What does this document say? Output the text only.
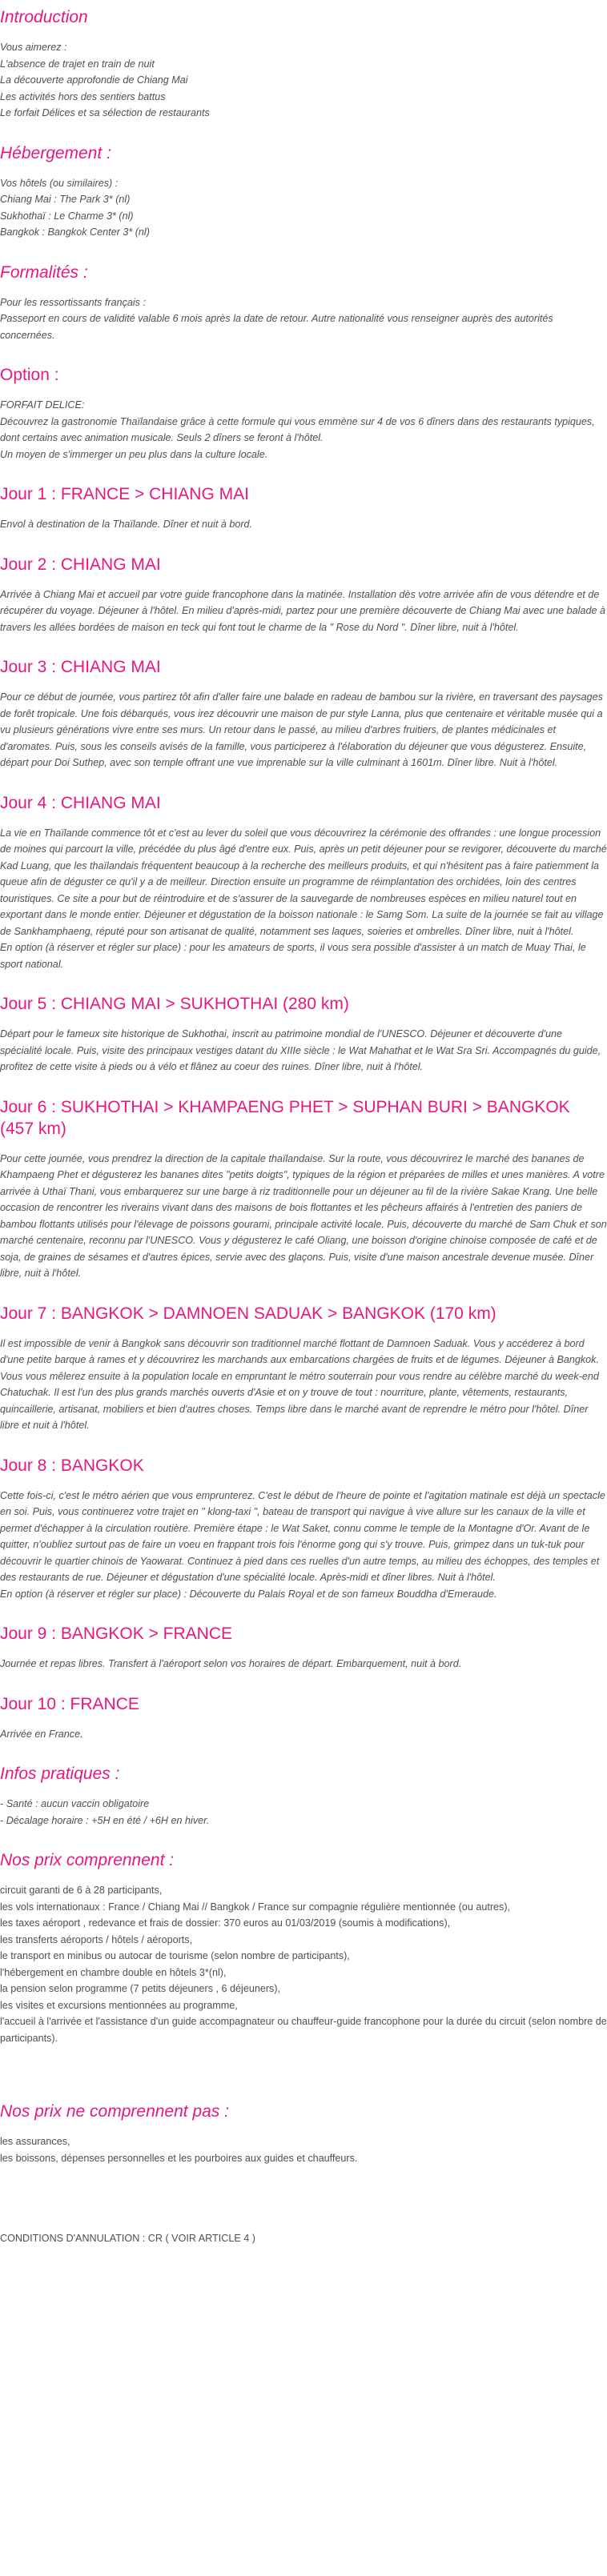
Introduction

Vous aimerez :
L'absence de trajet en train de nuit
La découverte approfondie de Chiang Mai
Les activités hors des sentiers battus
Le forfait Délices et sa sélection de restaurants

Hébergement :

Vos hôtels (ou similaires) :
Chiang Mai : The Park 3* (nl)
Sukhothaï : Le Charme 3* (nl)
Bangkok : Bangkok Center 3* (nl)

Formalités :

Pour les ressortissants français :
Passeport en cours de validité valable 6 mois après la date de retour. Autre nationalité vous renseigner auprès des autorités concernées.

Option :

FORFAIT DELICE:
Découvrez la gastronomie Thaïlandaise grâce à cette formule qui vous emmène sur 4 de vos 6 dîners dans des restaurants typiques, dont certains avec animation musicale. Seuls 2 dîners se feront à l'hôtel.
Un moyen de s'immerger un peu plus dans la culture locale.

Jour 1 : FRANCE > CHIANG MAI

Envol à destination de la Thaïlande. Dîner et nuit à bord.

Jour 2 : CHIANG MAI

Arrivée à Chiang Mai et accueil par votre guide francophone dans la matinée. Installation dès votre arrivée afin de vous détendre et de récupérer du voyage. Déjeuner à l'hôtel. En milieu d'après-midi, partez pour une première découverte de Chiang Mai avec une balade à travers les allées bordées de maison en teck qui font tout le charme de la " Rose du Nord ". Dîner libre, nuit à l'hôtel.

Jour 3 : CHIANG MAI

Pour ce début de journée, vous partirez tôt afin d'aller faire une balade en radeau de bambou sur la rivière, en traversant des paysages de forêt tropicale. Une fois débarqués, vous irez découvrir une maison de pur style Lanna, plus que centenaire et véritable musée qui a vu plusieurs générations vivre entre ses murs. Un retour dans le passé, au milieu d'arbres fruitiers, de plantes médicinales et d'aromates. Puis, sous les conseils avisés de la famille, vous participerez à l'élaboration du déjeuner que vous dégusterez. Ensuite, départ pour Doi Suthep, avec son temple offrant une vue imprenable sur la ville culminant à 1601m. Dîner libre. Nuit à l'hôtel.

Jour 4 : CHIANG MAI

La vie en Thaïlande commence tôt et c'est au lever du soleil que vous découvrirez la cérémonie des offrandes : une longue procession de moines qui parcourt la ville, précédée du plus âgé d'entre eux. Puis, après un petit déjeuner pour se revigorer, découverte du marché Kad Luang, que les thaïlandais fréquentent beaucoup à la recherche des meilleurs produits, et qui n'hésitent pas à faire patiemment la queue afin de déguster ce qu'il y a de meilleur. Direction ensuite un programme de réimplantation des orchidées, loin des centres touristiques. Ce site a pour but de réintroduire et de s'assurer de la sauvegarde de nombreuses espèces en milieu naturel tout en exportant dans le monde entier. Déjeuner et dégustation de la boisson nationale : le Samg Som. La suite de la journée se fait au village de Sankhamphaeng, réputé pour son artisanat de qualité, notamment ses laques, soieries et ombrelles. Dîner libre, nuit à l'hôtel.
En option (à réserver et régler sur place) : pour les amateurs de sports, il vous sera possible d'assister à un match de Muay Thai, le sport national.

Jour 5 : CHIANG MAI > SUKHOTHAI (280 km)

Départ pour le fameux site historique de Sukhothai, inscrit au patrimoine mondial de l'UNESCO. Déjeuner et découverte d'une spécialité locale. Puis, visite des principaux vestiges datant du XIIIe siècle : le Wat Mahathat et le Wat Sra Sri. Accompagnés du guide, profitez de cette visite à pieds ou à vélo et flânez au coeur des ruines. Dîner libre, nuit à l'hôtel.

Jour 6 : SUKHOTHAI > KHAMPAENG PHET > SUPHAN BURI > BANGKOK (457 km)

Pour cette journée, vous prendrez la direction de la capitale thaïlandaise. Sur la route, vous découvrirez le marché des bananes de Khampaeng Phet et dégusterez les bananes dites "petits doigts", typiques de la région et préparées de milles et unes manières. A votre arrivée à Uthaï Thani, vous embarquerez sur une barge à riz traditionnelle pour un déjeuner au fil de la rivière Sakae Krang. Une belle occasion de rencontrer les riverains vivant dans des maisons de bois flottantes et les pêcheurs affairés à l'entretien des paniers de bambou flottants utilisés pour l'élevage de poissons gourami, principale activité locale. Puis, découverte du marché de Sam Chuk et son marché centenaire, reconnu par l'UNESCO. Vous y dégusterez le café Oliang, une boisson d'origine chinoise composée de café et de soja, de graines de sésames et d'autres épices, servie avec des glaçons. Puis, visite d'une maison ancestrale devenue musée. Dîner libre, nuit à l'hôtel.

Jour 7 : BANGKOK > DAMNOEN SADUAK > BANGKOK (170 km)

Il est impossible de venir à Bangkok sans découvrir son traditionnel marché flottant de Damnoen Saduak. Vous y accéderez à bord d'une petite barque à rames et y découvrirez les marchands aux embarcations chargées de fruits et de légumes. Déjeuner à Bangkok. Vous vous mêlerez ensuite à la population locale en empruntant le métro souterrain pour vous rendre au célèbre marché du week-end Chatuchak. Il est l'un des plus grands marchés ouverts d'Asie et on y trouve de tout : nourriture, plante, vêtements, restaurants, quincaillerie, artisanat, mobiliers et bien d'autres choses. Temps libre dans le marché avant de reprendre le métro pour l'hôtel. Dîner libre et nuit à l'hôtel.

Jour 8 : BANGKOK

Cette fois-ci, c'est le métro aérien que vous emprunterez. C'est le début de l'heure de pointe et l'agitation matinale est déjà un spectacle en soi. Puis, vous continuerez votre trajet en " klong-taxi ", bateau de transport qui navigue à vive allure sur les canaux de la ville et permet d'échapper à la circulation routière. Première étape : le Wat Saket, connu comme le temple de la Montagne d'Or. Avant de le quitter, n'oubliez surtout pas de faire un voeu en frappant trois fois l'énorme gong qui s'y trouve. Puis, grimpez dans un tuk-tuk pour découvrir le quartier chinois de Yaowarat. Continuez à pied dans ces ruelles d'un autre temps, au milieu des échoppes, des temples et des restaurants de rue. Déjeuner et dégustation d'une spécialité locale. Après-midi et dîner libres. Nuit à l'hôtel.
En option (à réserver et régler sur place) : Découverte du Palais Royal et de son fameux Bouddha d'Emeraude.

Jour 9 : BANGKOK > FRANCE

Journée et repas libres. Transfert à l'aéroport selon vos horaires de départ. Embarquement, nuit à bord.

Jour 10 : FRANCE

Arrivée en France.

Infos pratiques :

- Santé : aucun vaccin obligatoire
- Décalage horaire : +5H en été / +6H en hiver.

Nos prix comprennent :

circuit garanti de 6 à 28 participants,
les vols internationaux : France / Chiang Mai // Bangkok / France sur compagnie régulière mentionnée (ou autres),
les taxes aéroport , redevance et frais de dossier: 370 euros au 01/03/2019 (soumis à modifications),
les transferts aéroports / hôtels / aéroports,
le transport en minibus ou autocar de tourisme (selon nombre de participants),
l'hébergement en chambre double en hôtels 3*(nl),
la pension selon programme (7 petits déjeuners , 6 déjeuners),
les visites et excursions mentionnées au programme,
l'accueil à l'arrivée et l'assistance d'un guide accompagnateur ou chauffeur-guide francophone pour la durée du circuit (selon nombre de participants).

Nos prix ne comprennent pas :

les assurances,
les boissons, dépenses personnelles et les pourboires aux guides et chauffeurs.

CONDITIONS D'ANNULATION : CR ( VOIR ARTICLE 4 )
